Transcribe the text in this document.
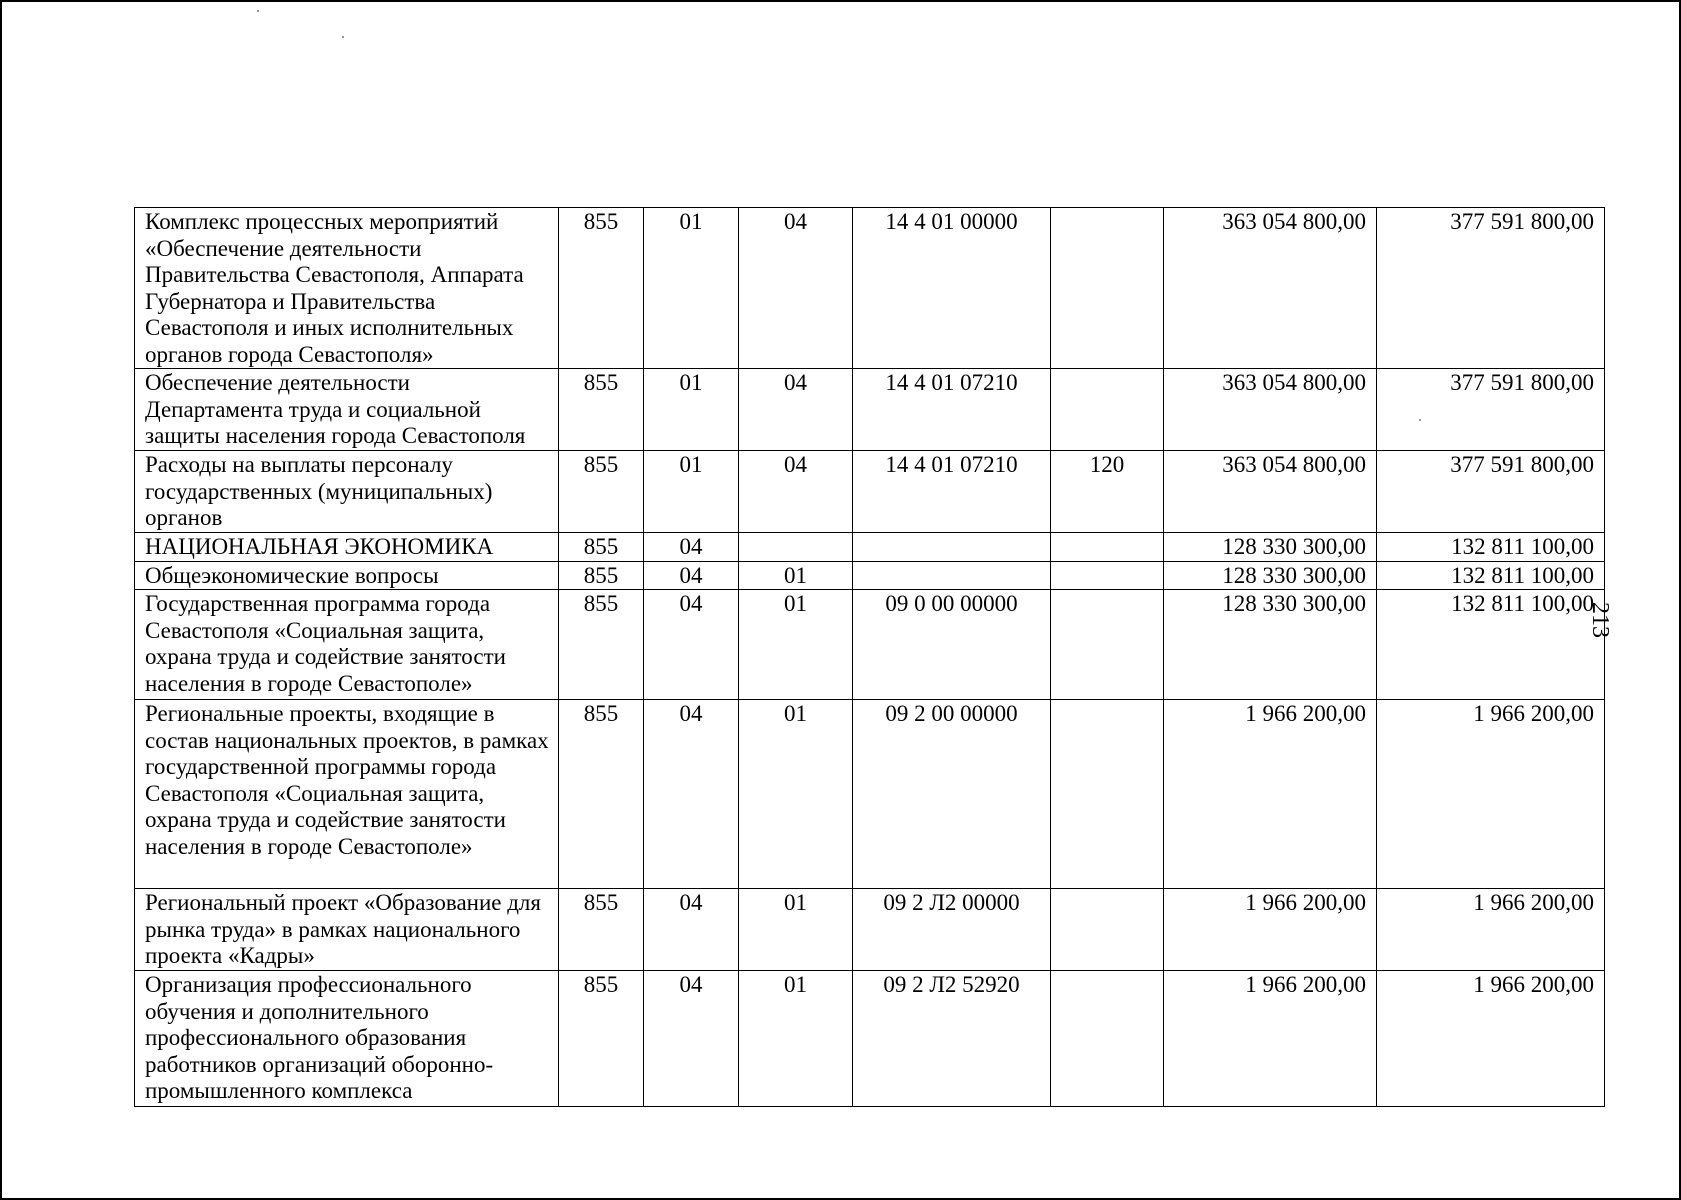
Комплекс процессных мероприятий «Обеспечение деятельности Правительства Севастополя, Аппарата Губернатора и Правительства Севастополя и иных исполнительных органов города Севастополя»	855	01	04	14 4 01 00000		363 054 800,00	377 591 800,00
Обеспечение деятельности Департамента труда и социальной защиты населения города Севастополя	855	01	04	14 4 01 07210		363 054 800,00	377 591 800,00
Расходы на выплаты персоналу государственных (муниципальных) органов	855	01	04	14 4 01 07210	120	363 054 800,00	377 591 800,00
НАЦИОНАЛЬНАЯ ЭКОНОМИКА	855	04				128 330 300,00	132 811 100,00
Общеэкономические вопросы	855	04	01			128 330 300,00	132 811 100,00
Государственная программа города Севастополя «Социальная защита, охрана труда и содействие занятости населения в городе Севастополе»	855	04	01	09 0 00 00000		128 330 300,00	132 811 100,00
Региональные проекты, входящие в состав национальных проектов, в рамках государственной программы города Севастополя «Социальная защита, охрана труда и содействие занятости населения в городе Севастополе»	855	04	01	09 2 00 00000		1 966 200,00	1 966 200,00
Региональный проект «Образование для рынка труда» в рамках национального проекта «Кадры»	855	04	01	09 2 Л2 00000		1 966 200,00	1 966 200,00
Организация профессионального обучения и дополнительного профессионального образования работников организаций оборонно-промышленного комплекса	855	04	01	09 2 Л2 52920		1 966 200,00	1 966 200,00
213
